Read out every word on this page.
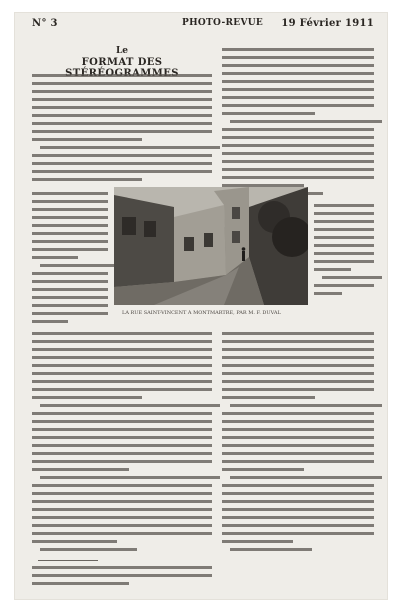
N° 3	PHOTO-REVUE 19 Février 1911
Le
FORMAT DES
LA RUE SAINT-VINCENT À MONTMARTRE, PAR M. F. DUVAL
